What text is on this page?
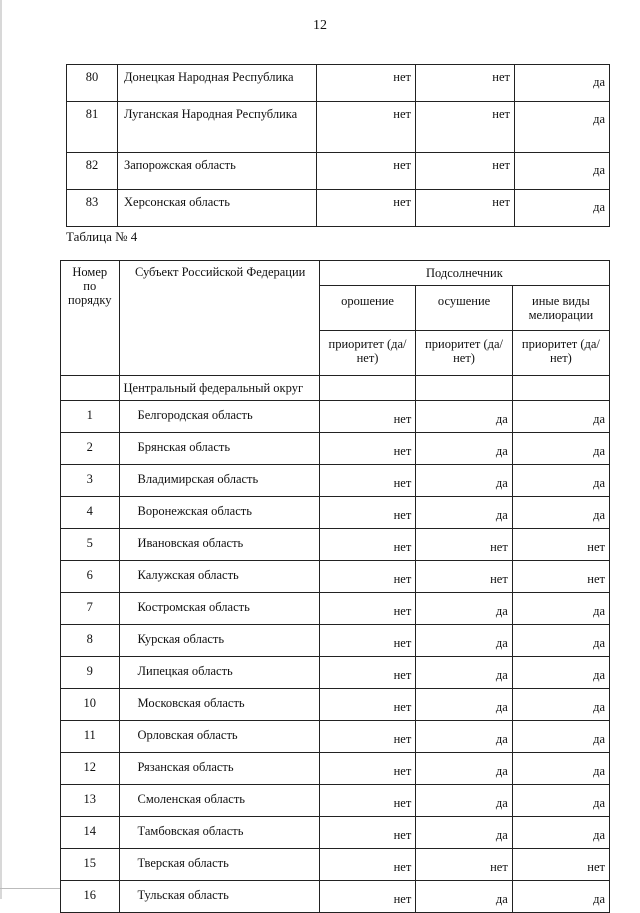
12
80	Донецкая Народная Республика	нет	нет	да
81	Луганская Народная Республика	нет	нет	да
82	Запорожская область	нет	нет	да
83	Херсонская область	нет	нет	да
Таблица № 4
Номер по порядку	Субъект Российской Федерации	Подсолнечник		
		орошение	осушение	иные виды мелиорации
		приоритет (да/нет)	приоритет (да/нет)	приоритет (да/нет)
	Центральный федеральный округ			
1	Белгородская область	нет	да	да
2	Брянская область	нет	да	да
3	Владимирская область	нет	да	да
4	Воронежская область	нет	да	да
5	Ивановская область	нет	нет	нет
6	Калужская область	нет	нет	нет
7	Костромская область	нет	да	да
8	Курская область	нет	да	да
9	Липецкая область	нет	да	да
10	Московская область	нет	да	да
11	Орловская область	нет	да	да
12	Рязанская область	нет	да	да
13	Смоленская область	нет	да	да
14	Тамбовская область	нет	да	да
15	Тверская область	нет	нет	нет
16	Тульская область	нет	да	да
